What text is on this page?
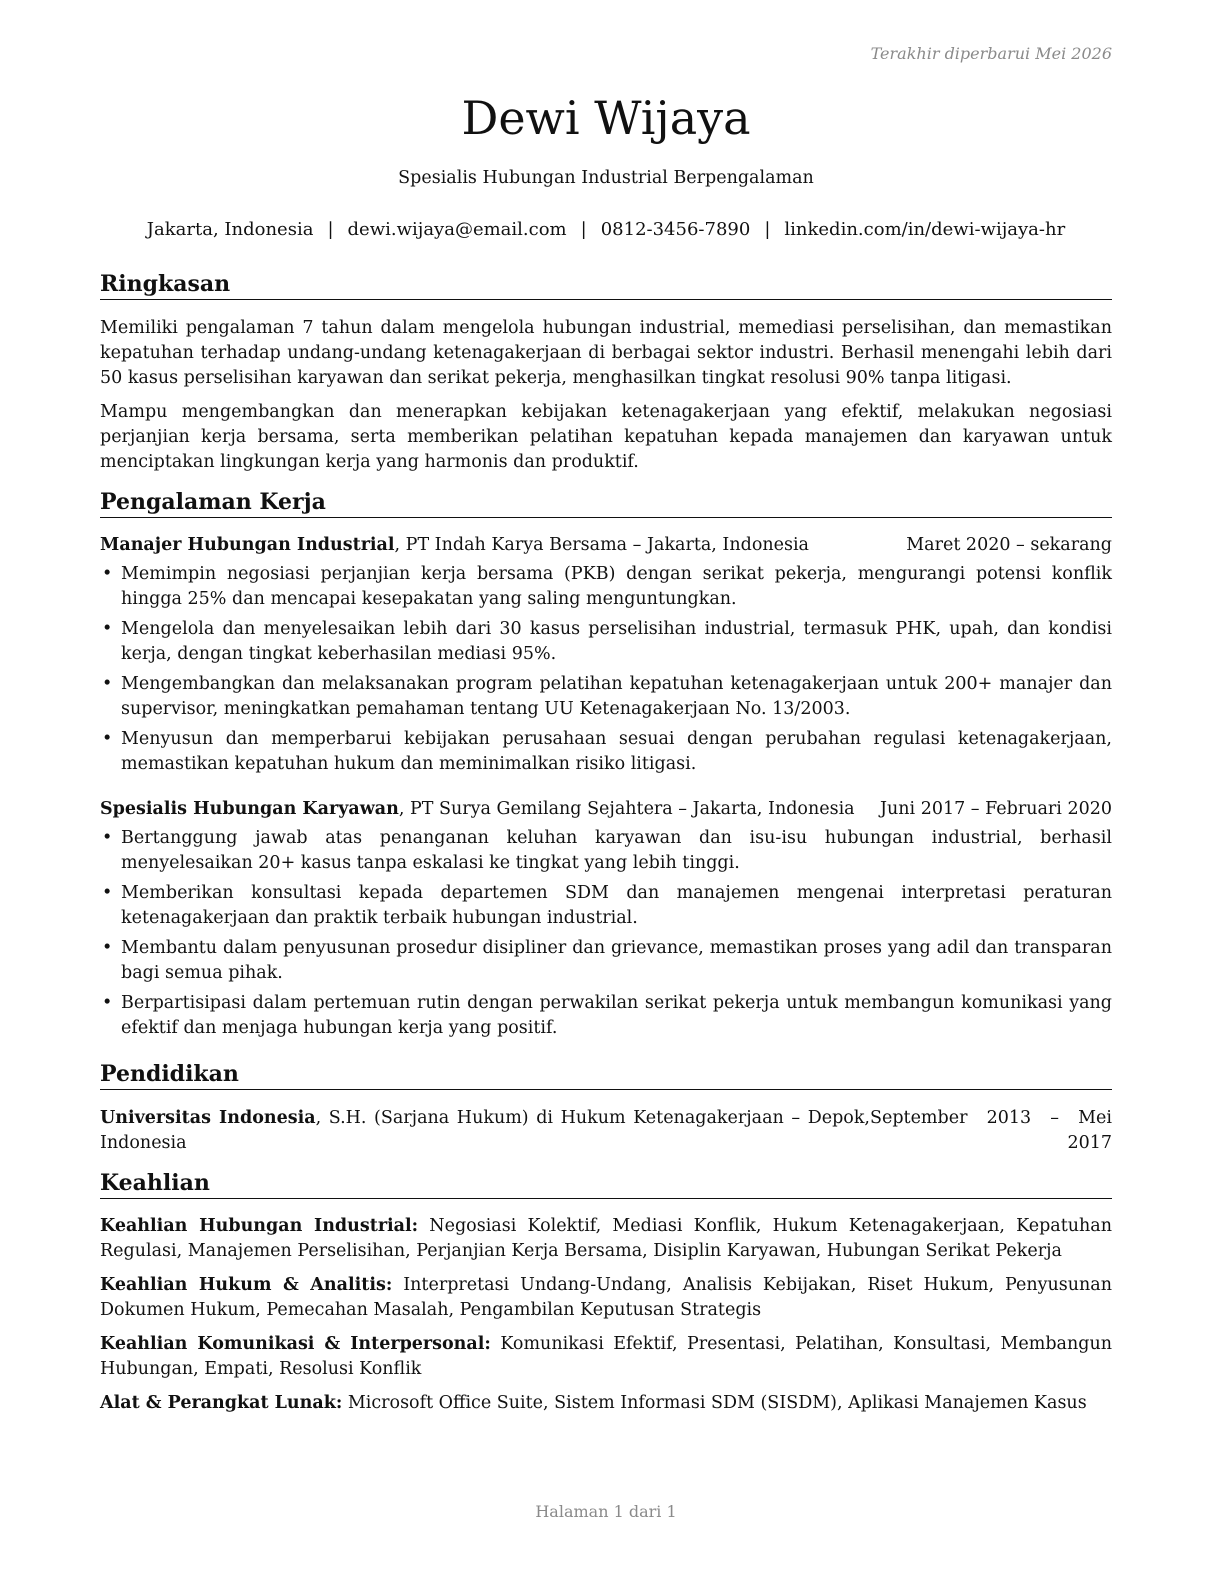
Terakhir diperbarui Mei 2026
Dewi Wijaya
Spesialis Hubungan Industrial Berpengalaman
Jakarta, Indonesia | dewi.wijaya@email.com | 0812-3456-7890 | linkedin.com/in/dewi-wijaya-hr
Ringkasan

Memiliki pengalaman 7 tahun dalam mengelola hubungan industrial, memediasi perselisihan, dan memastikan kepatuhan terhadap undang-undang ketenagakerjaan di berbagai sektor industri. Berhasil menengahi lebih dari 50 kasus perselisihan karyawan dan serikat pekerja, menghasilkan tingkat resolusi 90% tanpa litigasi.

Mampu mengembangkan dan menerapkan kebijakan ketenagakerjaan yang efektif, melakukan negosiasi perjanjian kerja bersama, serta memberikan pelatihan kepatuhan kepada manajemen dan karyawan untuk menciptakan lingkungan kerja yang harmonis dan produktif.

Pengalaman Kerja
Manajer Hubungan Industrial, PT Indah Karya Bersama – Jakarta, Indonesia	Maret 2020 – sekarang
• Memimpin negosiasi perjanjian kerja bersama (PKB) dengan serikat pekerja, mengurangi potensi konflik hingga 25% dan mencapai kesepakatan yang saling menguntungkan.
• Mengelola dan menyelesaikan lebih dari 30 kasus perselisihan industrial, termasuk PHK, upah, dan kondisi kerja, dengan tingkat keberhasilan mediasi 95%.
• Mengembangkan dan melaksanakan program pelatihan kepatuhan ketenagakerjaan untuk 200+ manajer dan supervisor, meningkatkan pemahaman tentang UU Ketenagakerjaan No. 13/2003.
• Menyusun dan memperbarui kebijakan perusahaan sesuai dengan perubahan regulasi ketenagakerjaan, memastikan kepatuhan hukum dan meminimalkan risiko litigasi.
Spesialis Hubungan Karyawan, PT Surya Gemilang Sejahtera – Jakarta, Indonesia Juni 2017 – Februari 2020
• Bertanggung jawab atas penanganan keluhan karyawan dan isu-isu hubungan industrial, berhasil menyelesaikan 20+ kasus tanpa eskalasi ke tingkat yang lebih tinggi.
• Memberikan konsultasi kepada departemen SDM dan manajemen mengenai interpretasi peraturan ketenagakerjaan dan praktik terbaik hubungan industrial.
• Membantu dalam penyusunan prosedur disipliner dan grievance, memastikan proses yang adil dan transparan bagi semua pihak.
• Berpartisipasi dalam pertemuan rutin dengan perwakilan serikat pekerja untuk membangun komunikasi yang efektif dan menjaga hubungan kerja yang positif.
Pendidikan
Universitas Indonesia, S.H. (Sarjana Hukum) di Hukum Ketenagakerjaan – Depok, Indonesia
September 2013 – Mei 2017
Keahlian

Keahlian Hubungan Industrial: Negosiasi Kolektif, Mediasi Konflik, Hukum Ketenagakerjaan, Kepatuhan Regulasi, Manajemen Perselisihan, Perjanjian Kerja Bersama, Disiplin Karyawan, Hubungan Serikat Pekerja

Keahlian Hukum & Analitis: Interpretasi Undang-Undang, Analisis Kebijakan, Riset Hukum, Penyusunan Dokumen Hukum, Pemecahan Masalah, Pengambilan Keputusan Strategis

Keahlian Komunikasi & Interpersonal: Komunikasi Efektif, Presentasi, Pelatihan, Konsultasi, Membangun Hubungan, Empati, Resolusi Konflik

Alat & Perangkat Lunak: Microsoft Office Suite, Sistem Informasi SDM (SISDM), Aplikasi Manajemen Kasus

Halaman 1 dari 1
